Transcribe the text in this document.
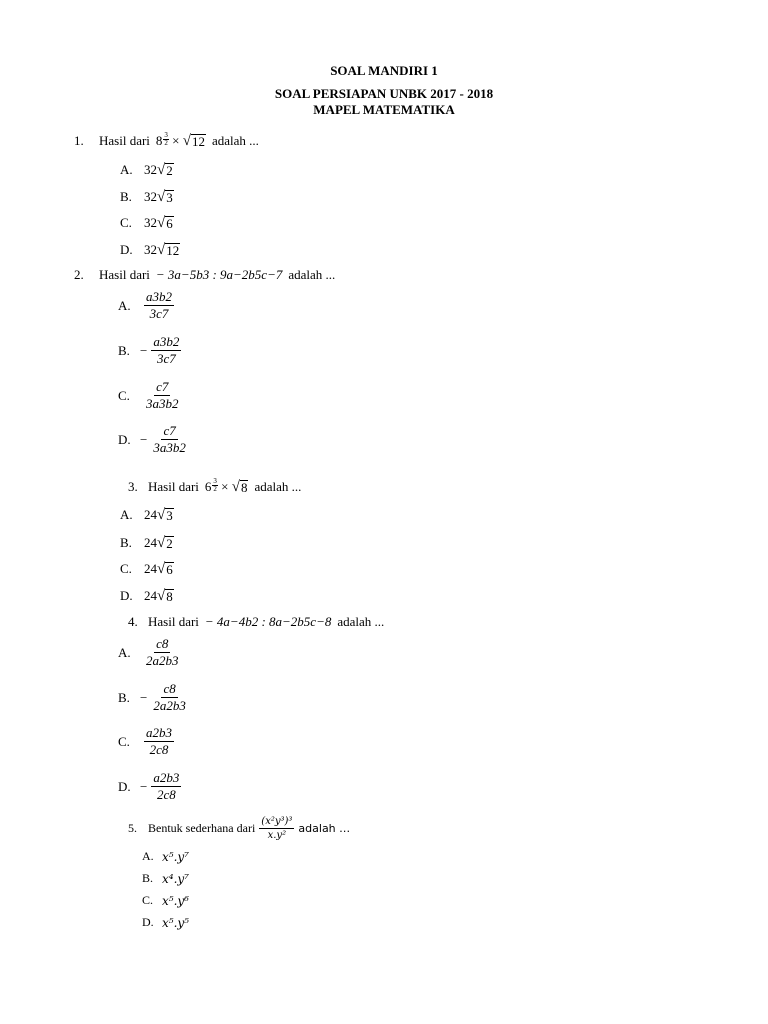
SOAL MANDIRI 1
SOAL PERSIAPAN UNBK 2017 - 2018
MAPEL MATEMATIKA
1.	Hasil dari $8 \frac{3}{2}$ × √ 12 adalah ...
A. 32 √ 2
B. 32 √ 3
C. 32 √ 6
D. 32 √ 12
2.	Hasil dari − 3a−5b3 : 9a−2b5c−7 adalah ...
A.	$\frac{a3b2}{3c7}$
B. − $\frac{a3b2}{3c7}$
C.	$\frac{c7}{3a3b2}$
D. − $\frac{c7}{3a3b2}$
3. Hasil dari $6 \frac{3}{2}$ × √ 8 adalah ...
A. 24 √ 3
B. 24 √ 2
C. 24 √ 6
D. 24 √ 8
4. Hasil dari − 4a−4b2 : 8a−2b5c−8 adalah ...
A.	$\frac{c8}{2a2b3}$
B. − $\frac{c8}{2a2b3}$
C.	$\frac{a2b3}{2c8}$
D. − $\frac{a2b3}{2c8}$
5. Bentuk sederhana dari $\frac{\text{(x²y³)³}}{\text{x.y²}}$ adalah …
A. x⁵.y⁷
B. x⁴.y⁷
C. x⁵.y⁶
D. x⁵.y⁵
